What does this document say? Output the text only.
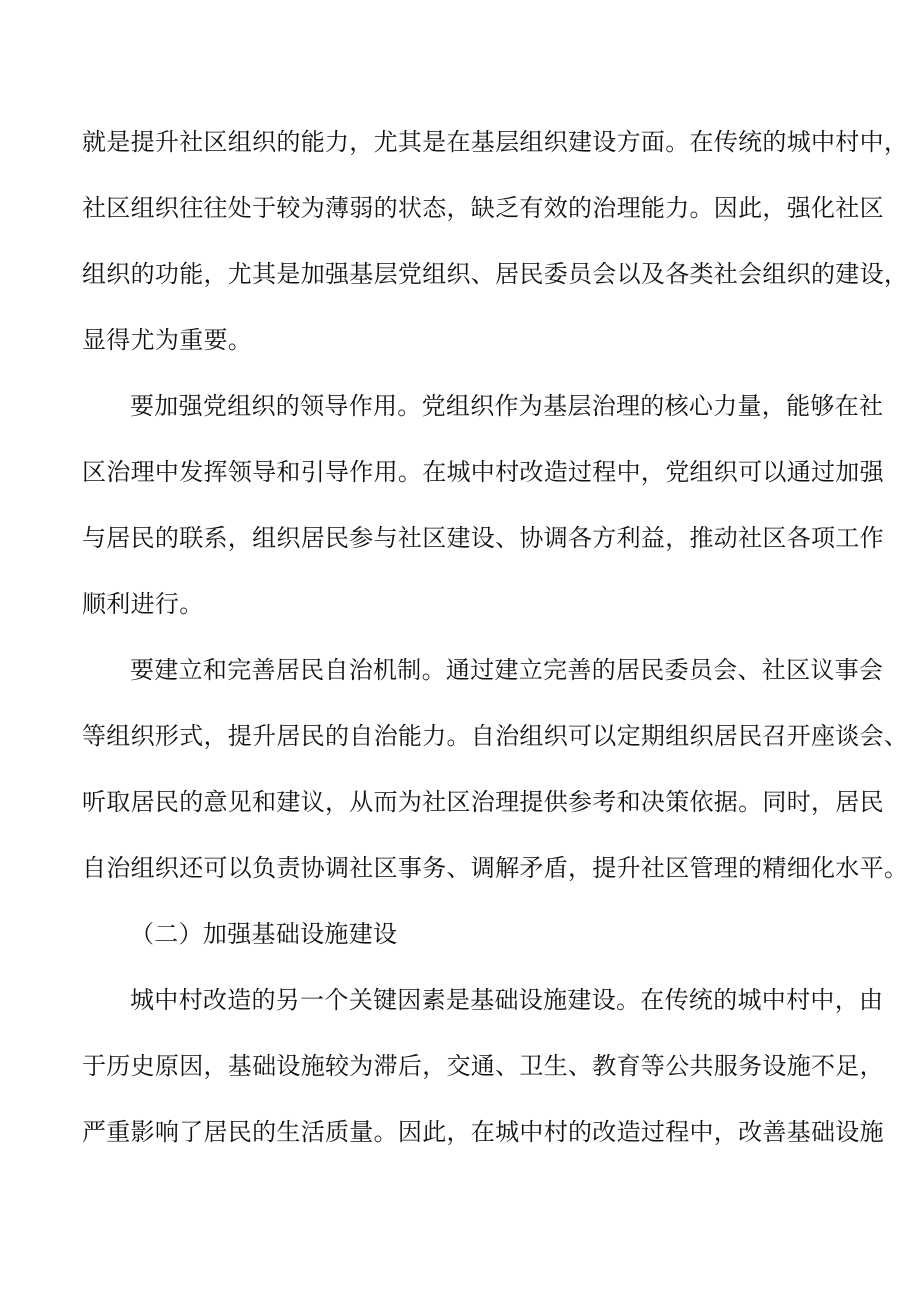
就是提升社区组织的能力，尤其是在基层组织建设方面。在传统的城中村中，
社区组织往往处于较为薄弱的状态，缺乏有效的治理能力。因此，强化社区
组织的功能，尤其是加强基层党组织、居民委员会以及各类社会组织的建设，
显得尤为重要。
要加强党组织的领导作用。党组织作为基层治理的核心力量，能够在社
区治理中发挥领导和引导作用。在城中村改造过程中，党组织可以通过加强
与居民的联系，组织居民参与社区建设、协调各方利益，推动社区各项工作
顺利进行。
要建立和完善居民自治机制。通过建立完善的居民委员会、社区议事会
等组织形式，提升居民的自治能力。自治组织可以定期组织居民召开座谈会、
听取居民的意见和建议，从而为社区治理提供参考和决策依据。同时，居民
自治组织还可以负责协调社区事务、调解矛盾，提升社区管理的精细化水平。
（二）加强基础设施建设
城中村改造的另一个关键因素是基础设施建设。在传统的城中村中，由
于历史原因，基础设施较为滞后，交通、卫生、教育等公共服务设施不足，
严重影响了居民的生活质量。因此，在城中村的改造过程中，改善基础设施
